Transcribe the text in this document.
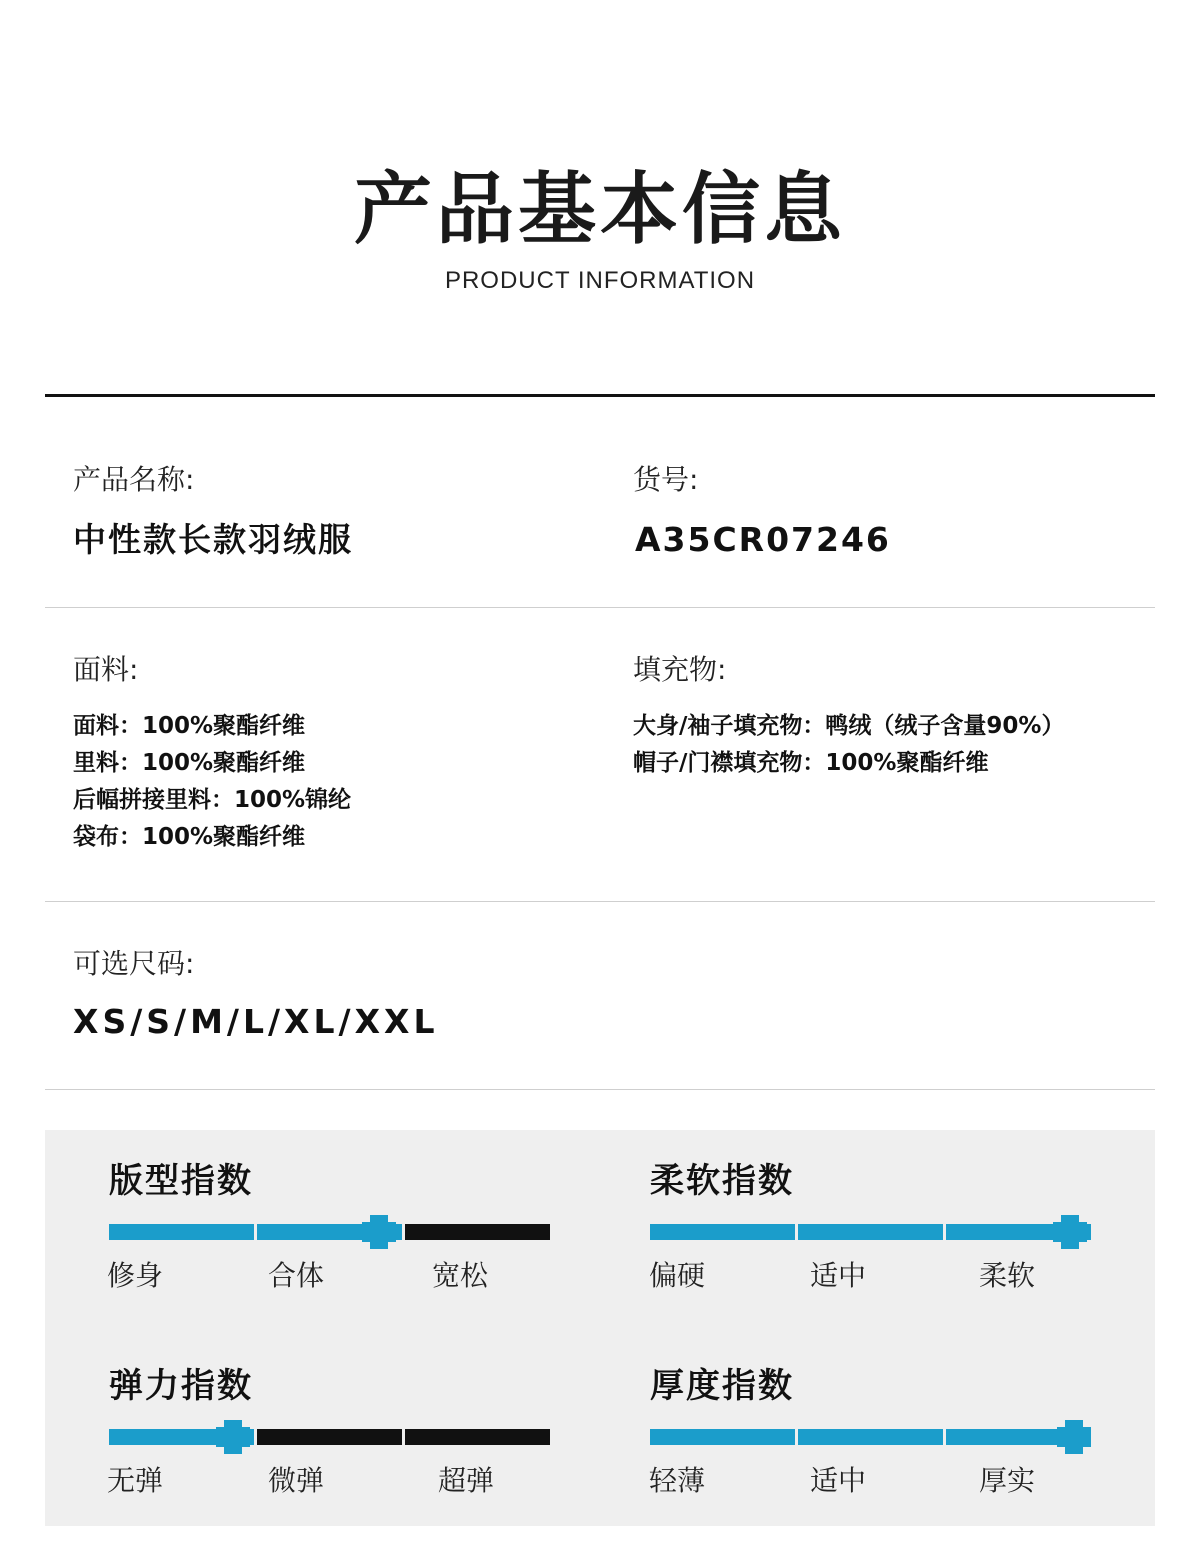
产品基本信息
PRODUCT INFORMATION
产品名称:
中性款长款羽绒服
货号:
A35CR07246
面料:
面料：100%聚酯纤维
里料：100%聚酯纤维
后幅拼接里料：100%锦纶
袋布：100%聚酯纤维
填充物:
大身/袖子填充物：鸭绒（绒子含量90%）
帽子/门襟填充物：100%聚酯纤维
可选尺码:
XS/S/M/L/XL/XXL
版型指数
修身	合体	宽松
柔软指数
偏硬	适中	柔软
弹力指数
无弹	微弹	超弹
厚度指数
轻薄	适中	厚实
